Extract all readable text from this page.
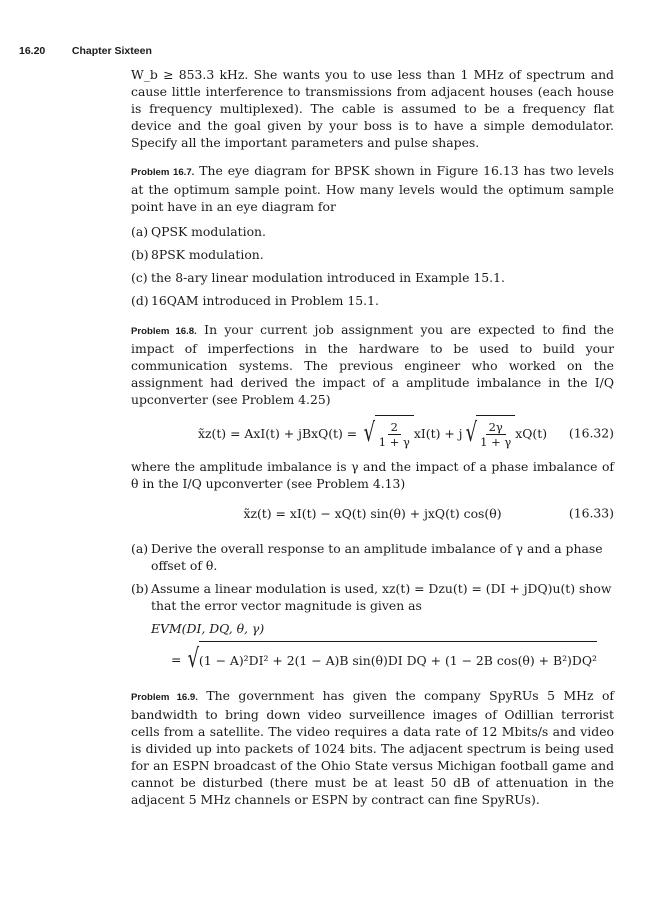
16.20	Chapter Sixteen

W_b ≥ 853.3 kHz. She wants you to use less than 1 MHz of spectrum and cause little interference to transmissions from adjacent houses (each house is frequency multiplexed). The cable is assumed to be a frequency flat device and the goal given by your boss is to have a simple demodulator. Specify all the important parameters and pulse shapes.

Problem 16.7. The eye diagram for BPSK shown in Figure 16.13 has two levels at the optimum sample point. How many levels would the optimum sample point have in an eye diagram for

(a) QPSK modulation.
(b) 8PSK modulation.
(c) the 8-ary linear modulation introduced in Example 15.1.
(d) 16QAM introduced in Problem 15.1.

Problem 16.8. In your current job assignment you are expected to find the impact of imperfections in the hardware to be used to build your communication systems. The previous engineer who worked on the assignment had derived the impact of a amplitude imbalance in the I/Q upconverter (see Problem 4.25)

x̃z(t) = AxI(t) + jBxQ(t) =
√ $\frac{2}{1 + \gamma} xI(t) + j$ √ $\frac{2\gamma}{1 + \gamma} xQ(t)$ (16.32)

where the amplitude imbalance is γ and the impact of a phase imbalance of θ in the I/Q upconverter (see Problem 4.13)

x̃z(t) = xI(t) − xQ(t) sin(θ) + jxQ(t) cos(θ)	(16.33)
(a) Derive the overall response to an amplitude imbalance of γ and a phase offset of θ.
(b) Assume a linear modulation is used, xz(t) = Dzu(t) = (DI + jDQ)u(t) show that the error vector magnitude is given as
EVM(DI, DQ, θ, γ)
=
√ (1 − A)²DI² + 2(1 − A)B sin(θ)DI DQ + (1 − 2B cos(θ) + B²)DQ²

Problem 16.9. The government has given the company SpyRUs 5 MHz of bandwidth to bring down video surveillence images of Odillian terrorist cells from a satellite. The video requires a data rate of 12 Mbits/s and video is divided up into packets of 1024 bits. The adjacent spectrum is being used for an ESPN broadcast of the Ohio State versus Michigan football game and cannot be disturbed (there must be at least 50 dB of attenuation in the adjacent 5 MHz channels or ESPN by contract can fine SpyRUs).
